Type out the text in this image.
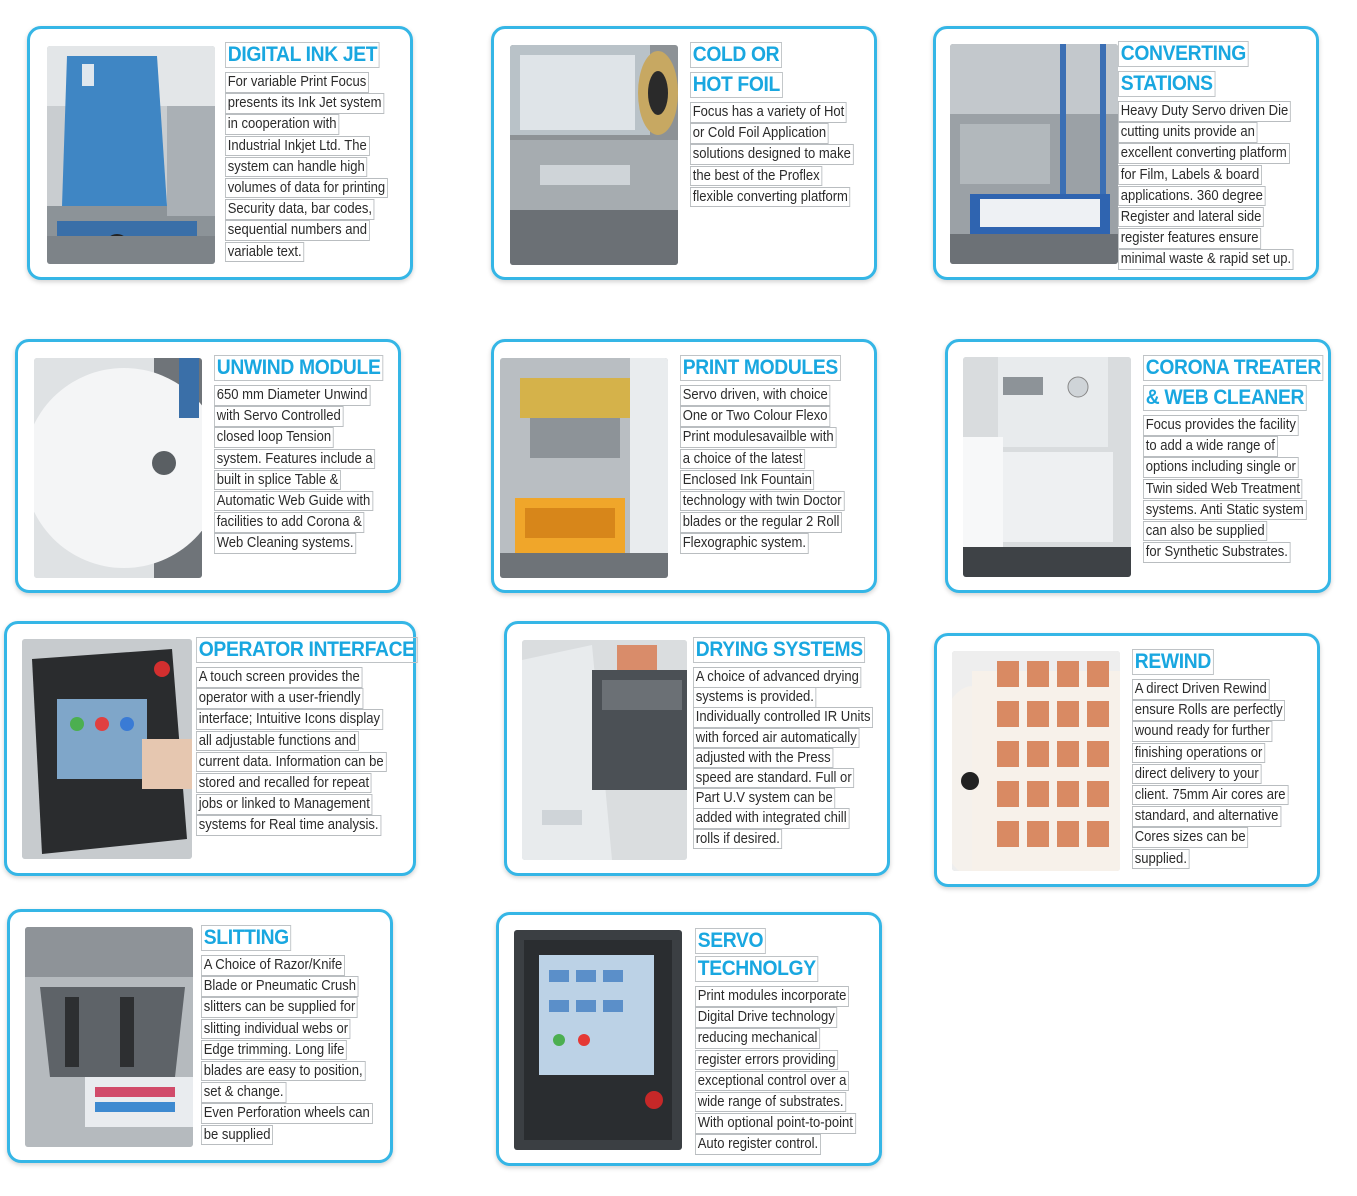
DIGITAL INK JET
For variable Print Focus
presents its Ink Jet system
in cooperation with
Industrial Inkjet Ltd. The
system can handle high
volumes of data for printing
Security data, bar codes,
sequential numbers and
variable text.
COLD OR
HOT FOIL
Focus has a variety of Hot
or Cold Foil Application
solutions designed to make
the best of the Proflex
flexible converting platform
CONVERTING
STATIONS
Heavy Duty Servo driven Die
cutting units provide an
excellent converting platform
for Film, Labels & board
applications. 360 degree
Register and lateral side
register features ensure
minimal waste & rapid set up.
UNWIND MODULE
650 mm Diameter Unwind
with Servo Controlled
closed loop Tension
system. Features include a
built in splice Table &
Automatic Web Guide with
facilities to add Corona &
Web Cleaning systems.
PRINT MODULES
Servo driven, with choice
One or Two Colour Flexo
Print modulesavailble with
a choice of the latest
Enclosed Ink Fountain
technology with twin Doctor
blades or the regular 2 Roll
Flexographic system.
CORONA TREATER
& WEB CLEANER
Focus provides the facility
to add a wide range of
options including single or
Twin sided Web Treatment
systems. Anti Static system
can also be supplied
for Synthetic Substrates.
OPERATOR INTERFACE
A touch screen provides the
operator with a user-friendly
interface; Intuitive Icons display
all adjustable functions and
current data. Information can be
stored and recalled for repeat
jobs or linked to Management
systems for Real time analysis.
DRYING SYSTEMS
A choice of advanced drying
systems is provided.
Individually controlled IR Units
with forced air automatically
adjusted with the Press
speed are standard. Full or
Part U.V system can be
added with integrated chill
rolls if desired.
REWIND
A direct Driven Rewind
ensure Rolls are perfectly
wound ready for further
finishing operations or
direct delivery to your
client. 75mm Air cores are
standard, and alternative
Cores sizes can be
supplied.
SLITTING
A Choice of Razor/Knife
Blade or Pneumatic Crush
slitters can be supplied for
slitting individual webs or
Edge trimming. Long life
blades are easy to position,
set & change.
Even Perforation wheels can
be supplied
SERVO
TECHNOLGY
Print modules incorporate
Digital Drive technology
reducing mechanical
register errors providing
exceptional control over a
wide range of substrates.
With optional point-to-point
Auto register control.
